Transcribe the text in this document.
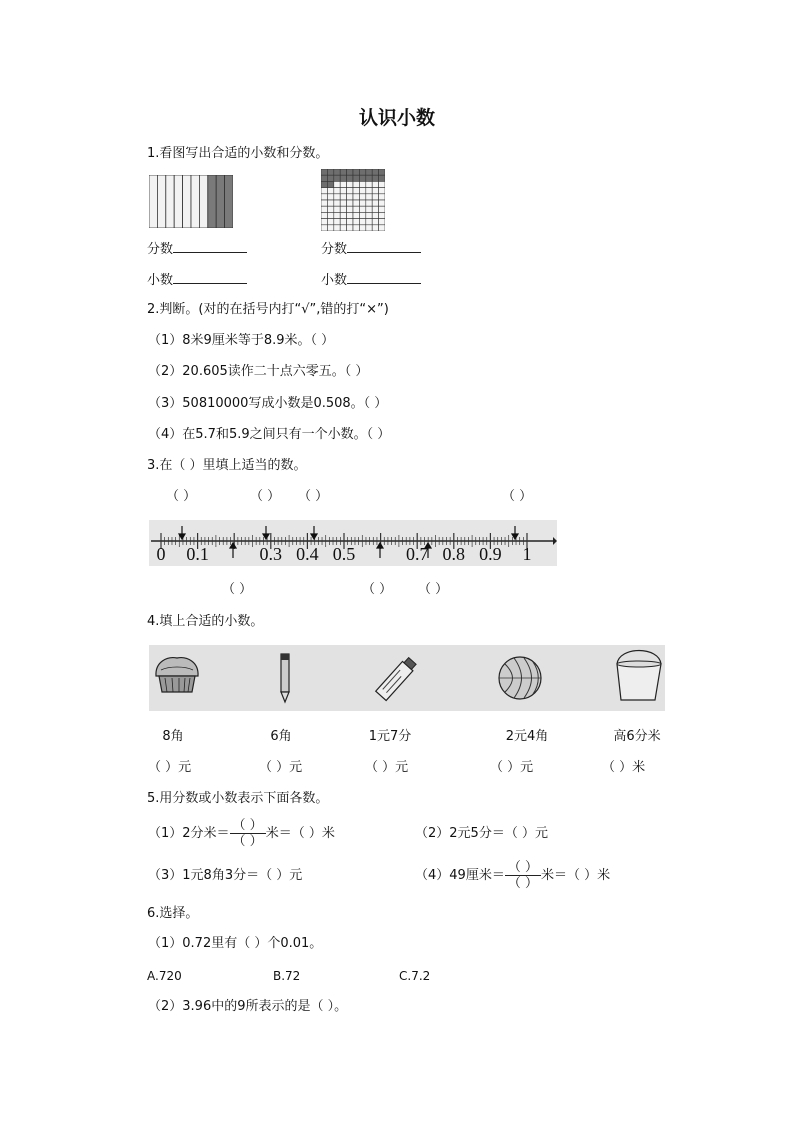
认识小数
1.看图写出合适的小数和分数。
分数	分数
小数	小数
2.判断。(对的在括号内打“√”,错的打“×”)
（1）8米9厘米等于8.9米。（ ）
（2）20.605读作二十点六零五。（ ）
（3）50810000写成小数是0.508。（ ）
（4）在5.7和5.9之间只有一个小数。（ ）
3.在（ ）里填上适当的数。
（ ）	（ ） （ ）	（ ）
0 0.1	0.3 0.4 0.5	0.7 0.8 0.9 1
（ ）	（ ） （ ）
4.填上合适的小数。
8角	6角	1元7分	2元4角	高6分米
（ ）元	（ ）元	（ ）元	（ ）元	（ ）米
5.用分数或小数表示下面各数。
（1）2分米＝ $\frac{( )}{( )}$ 米＝（ ）米	（2）2元5分＝（ ）元
（3）1元8角3分＝（ ）元	（4）49厘米＝ $\frac{( )}{( )}$ 米＝（ ）米
6.选择。
（1）0.72里有（ ）个0.01。
A.720	B.72	C.7.2
（2）3.96中的9所表示的是（ ）。
